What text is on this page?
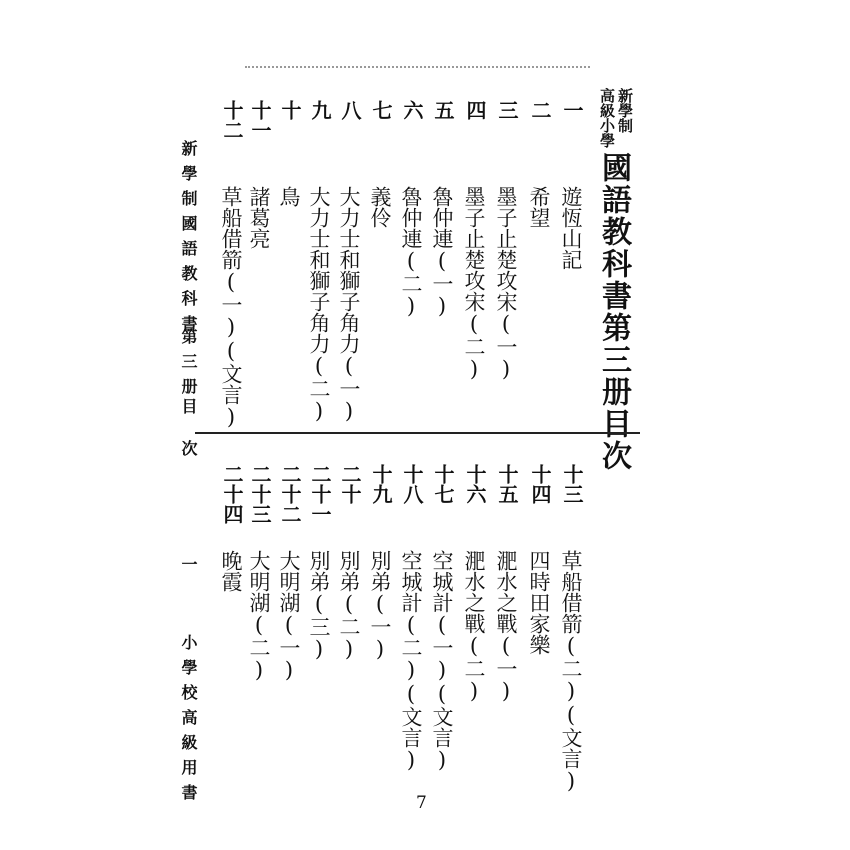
新學制
高級小學
國語教科書第三册目次
一
遊恆山記
二
希望
三
墨子止楚攻宋(一)
四
墨子止楚攻宋(二)
五
魯仲連(一)
六
魯仲連(二)
七
義伶
八
大力士和獅子角力(一)
九
大力士和獅子角力(二)
十
鳥
十一
諸葛亮
十二
草船借箭(一)(文言)
十三
草船借箭(二)(文言)
十四
四時田家樂
十五
淝水之戰(一)
十六
淝水之戰(二)
十七
空城計(一)(文言)
十八
空城計(二)(文言)
十九
別弟(一)
二十
別弟(二)
二十一
別弟(三)
二十二
大明湖(一)
二十三
大明湖(二)
二十四
晚霞
新學制國語教科書
第三册
目
次
一
小學校高級用書	7
